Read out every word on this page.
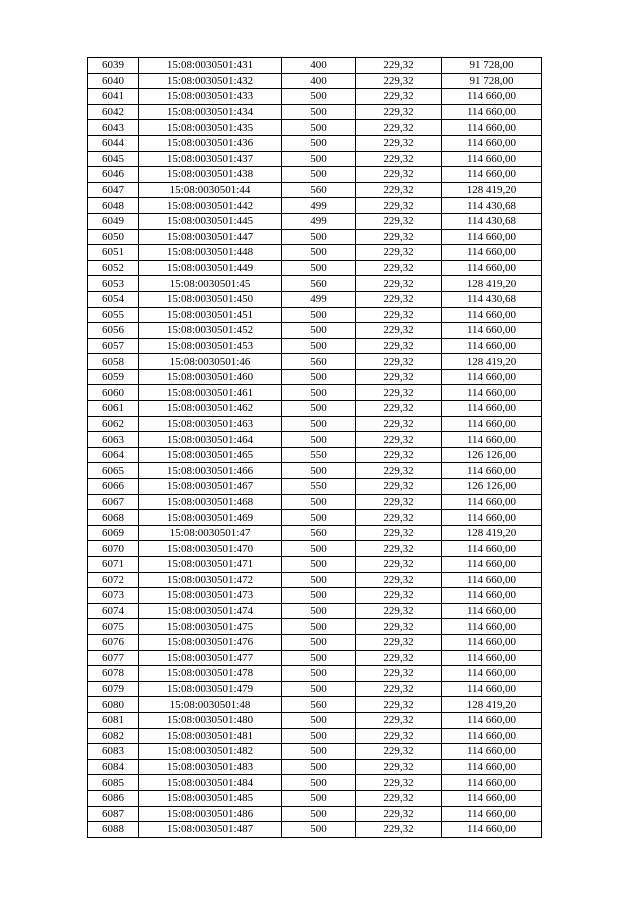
6039	15:08:0030501:431	400	229,32	91 728,00
6040	15:08:0030501:432	400	229,32	91 728,00
6041	15:08:0030501:433	500	229,32	114 660,00
6042	15:08:0030501:434	500	229,32	114 660,00
6043	15:08:0030501:435	500	229,32	114 660,00
6044	15:08:0030501:436	500	229,32	114 660,00
6045	15:08:0030501:437	500	229,32	114 660,00
6046	15:08:0030501:438	500	229,32	114 660,00
6047	15:08:0030501:44	560	229,32	128 419,20
6048	15:08:0030501:442	499	229,32	114 430,68
6049	15:08:0030501:445	499	229,32	114 430,68
6050	15:08:0030501:447	500	229,32	114 660,00
6051	15:08:0030501:448	500	229,32	114 660,00
6052	15:08:0030501:449	500	229,32	114 660,00
6053	15:08:0030501:45	560	229,32	128 419,20
6054	15:08:0030501:450	499	229,32	114 430,68
6055	15:08:0030501:451	500	229,32	114 660,00
6056	15:08:0030501:452	500	229,32	114 660,00
6057	15:08:0030501:453	500	229,32	114 660,00
6058	15:08:0030501:46	560	229,32	128 419,20
6059	15:08:0030501:460	500	229,32	114 660,00
6060	15:08:0030501:461	500	229,32	114 660,00
6061	15:08:0030501:462	500	229,32	114 660,00
6062	15:08:0030501:463	500	229,32	114 660,00
6063	15:08:0030501:464	500	229,32	114 660,00
6064	15:08:0030501:465	550	229,32	126 126,00
6065	15:08:0030501:466	500	229,32	114 660,00
6066	15:08:0030501:467	550	229,32	126 126,00
6067	15:08:0030501:468	500	229,32	114 660,00
6068	15:08:0030501:469	500	229,32	114 660,00
6069	15:08:0030501:47	560	229,32	128 419,20
6070	15:08:0030501:470	500	229,32	114 660,00
6071	15:08:0030501:471	500	229,32	114 660,00
6072	15:08:0030501:472	500	229,32	114 660,00
6073	15:08:0030501:473	500	229,32	114 660,00
6074	15:08:0030501:474	500	229,32	114 660,00
6075	15:08:0030501:475	500	229,32	114 660,00
6076	15:08:0030501:476	500	229,32	114 660,00
6077	15:08:0030501:477	500	229,32	114 660,00
6078	15:08:0030501:478	500	229,32	114 660,00
6079	15:08:0030501:479	500	229,32	114 660,00
6080	15:08:0030501:48	560	229,32	128 419,20
6081	15:08:0030501:480	500	229,32	114 660,00
6082	15:08:0030501:481	500	229,32	114 660,00
6083	15:08:0030501:482	500	229,32	114 660,00
6084	15:08:0030501:483	500	229,32	114 660,00
6085	15:08:0030501:484	500	229,32	114 660,00
6086	15:08:0030501:485	500	229,32	114 660,00
6087	15:08:0030501:486	500	229,32	114 660,00
6088	15:08:0030501:487	500	229,32	114 660,00
